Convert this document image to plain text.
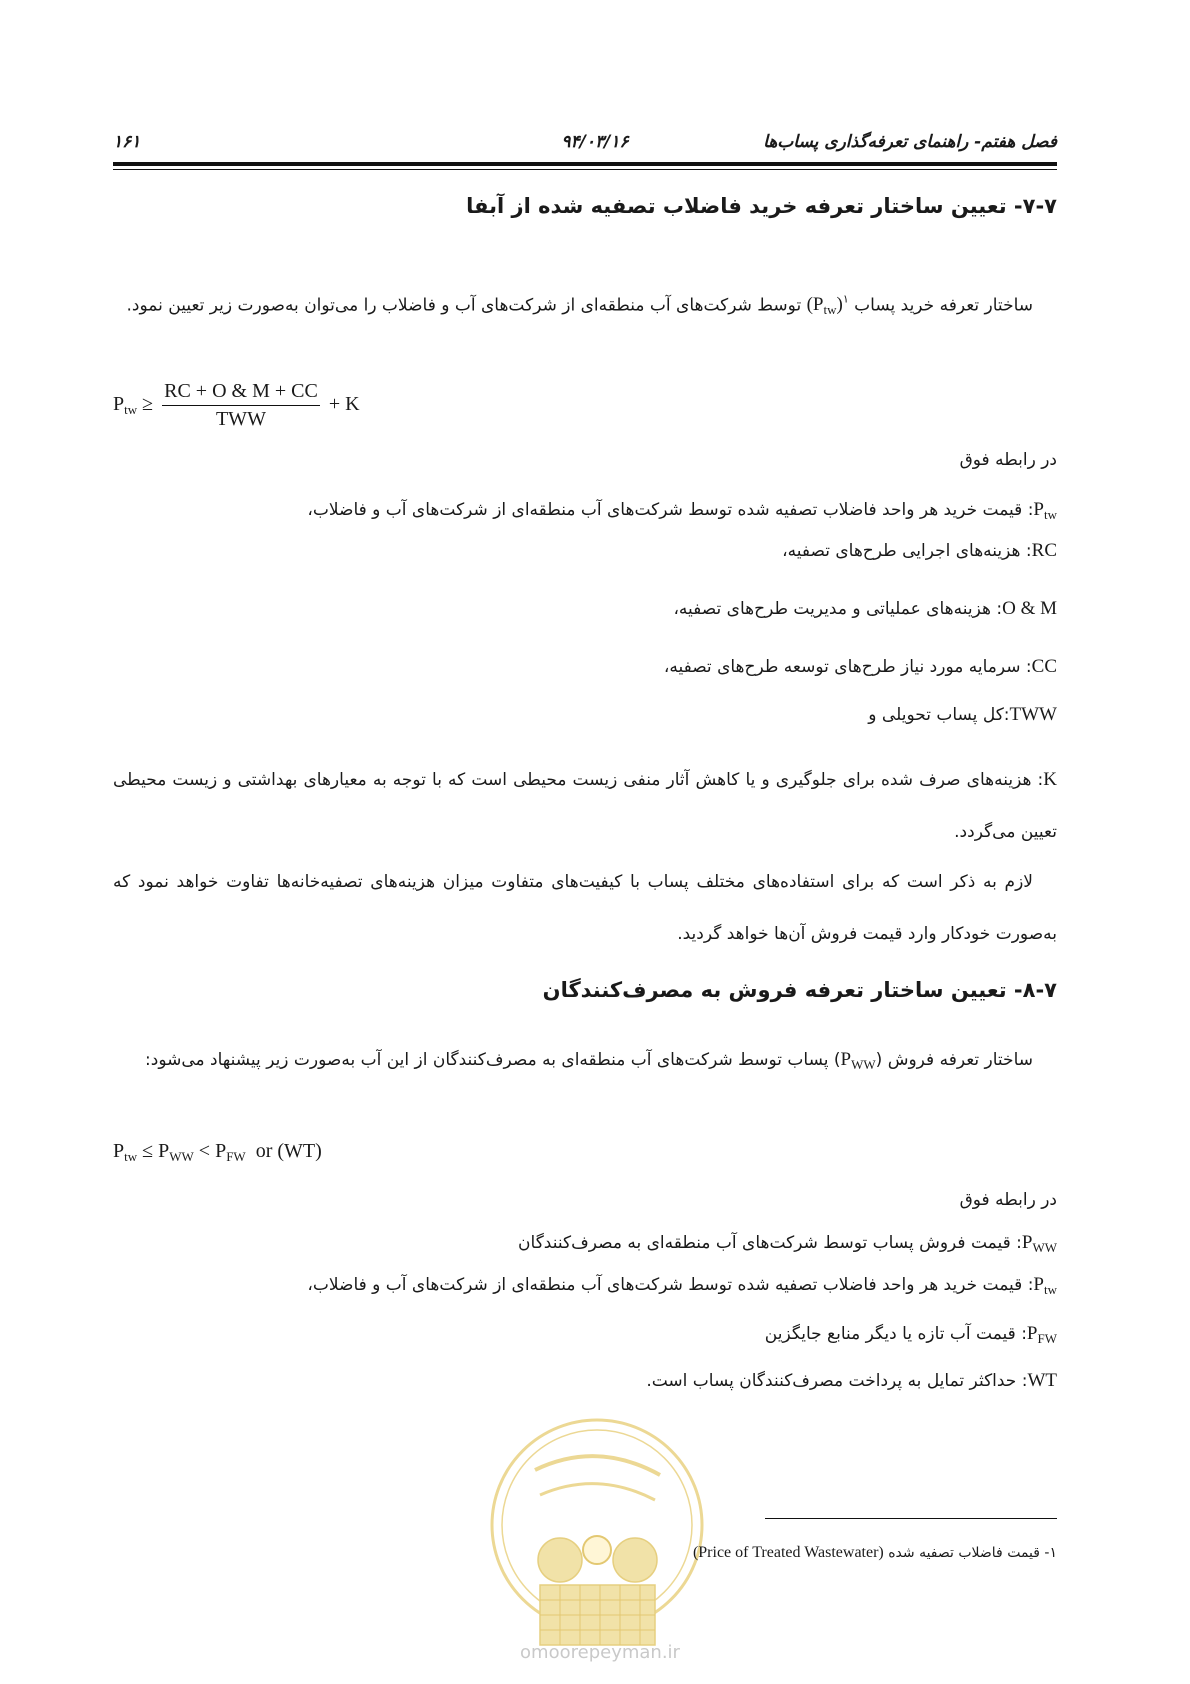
فصل هفتم- راهنمای تعرفه‌گذاری پساب‌ها
۹۴/۰۳/۱۶
۱۶۱
۷-۷- تعیین ساختار تعرفه خرید فاضلاب تصفیه شده از آبفا
ساختار تعرفه خرید پساب $(P_{tw})^۱$ توسط شرکت‌های آب منطقه‌ای از شرکت‌های آب و فاضلاب را می‌توان به‌صورت زیر تعیین نمود.
$P_{tw} \ge \frac{RC + O \& M + CC}{\text{TWW}} + K$
در رابطه فوق
$P_{tw}$: قیمت خرید هر واحد فاضلاب تصفیه شده توسط شرکت‌های آب منطقه‌ای از شرکت‌های آب و فاضلاب،
RC: هزینه‌های اجرایی طرح‌های تصفیه،
O & M: هزینه‌های عملیاتی و مدیریت طرح‌های تصفیه،
CC: سرمایه مورد نیاز طرح‌های توسعه طرح‌های تصفیه،
TWW:کل پساب تحویلی و
K: هزینه‌های صرف شده برای جلوگیری و یا کاهش آثار منفی زیست محیطی است که با توجه به معیارهای بهداشتی و زیست محیطی تعیین می‌گردد.
لازم به ذکر است که برای استفاده‌های مختلف پساب با کیفیت‌های متفاوت میزان هزینه‌های تصفیه‌خانه‌ها تفاوت خواهد نمود که به‌صورت خودکار وارد قیمت فروش آن‌ها خواهد گردید.
۸-۷- تعیین ساختار تعرفه فروش به مصرف‌کنندگان
ساختار تعرفه فروش $(P_{WW})$ پساب توسط شرکت‌های آب منطقه‌ای به مصرف‌کنندگان از این آب به‌صورت زیر پیشنهاد می‌شود:
$P_{tw} \le P_{WW} < P_{FW}$ or (WT)
در رابطه فوق
$P_{WW}$: قیمت فروش پساب توسط شرکت‌های آب منطقه‌ای به مصرف‌کنندگان
$P_{tw}$: قیمت خرید هر واحد فاضلاب تصفیه شده توسط شرکت‌های آب منطقه‌ای از شرکت‌های آب و فاضلاب،
$P_{FW}$: قیمت آب تازه یا دیگر منابع جایگزین
WT: حداکثر تمایل به پرداخت مصرف‌کنندگان پساب است.
omoorepeyman.ir
۱- قیمت فاضلاب تصفیه شده (Price of Treated Wastewater)
